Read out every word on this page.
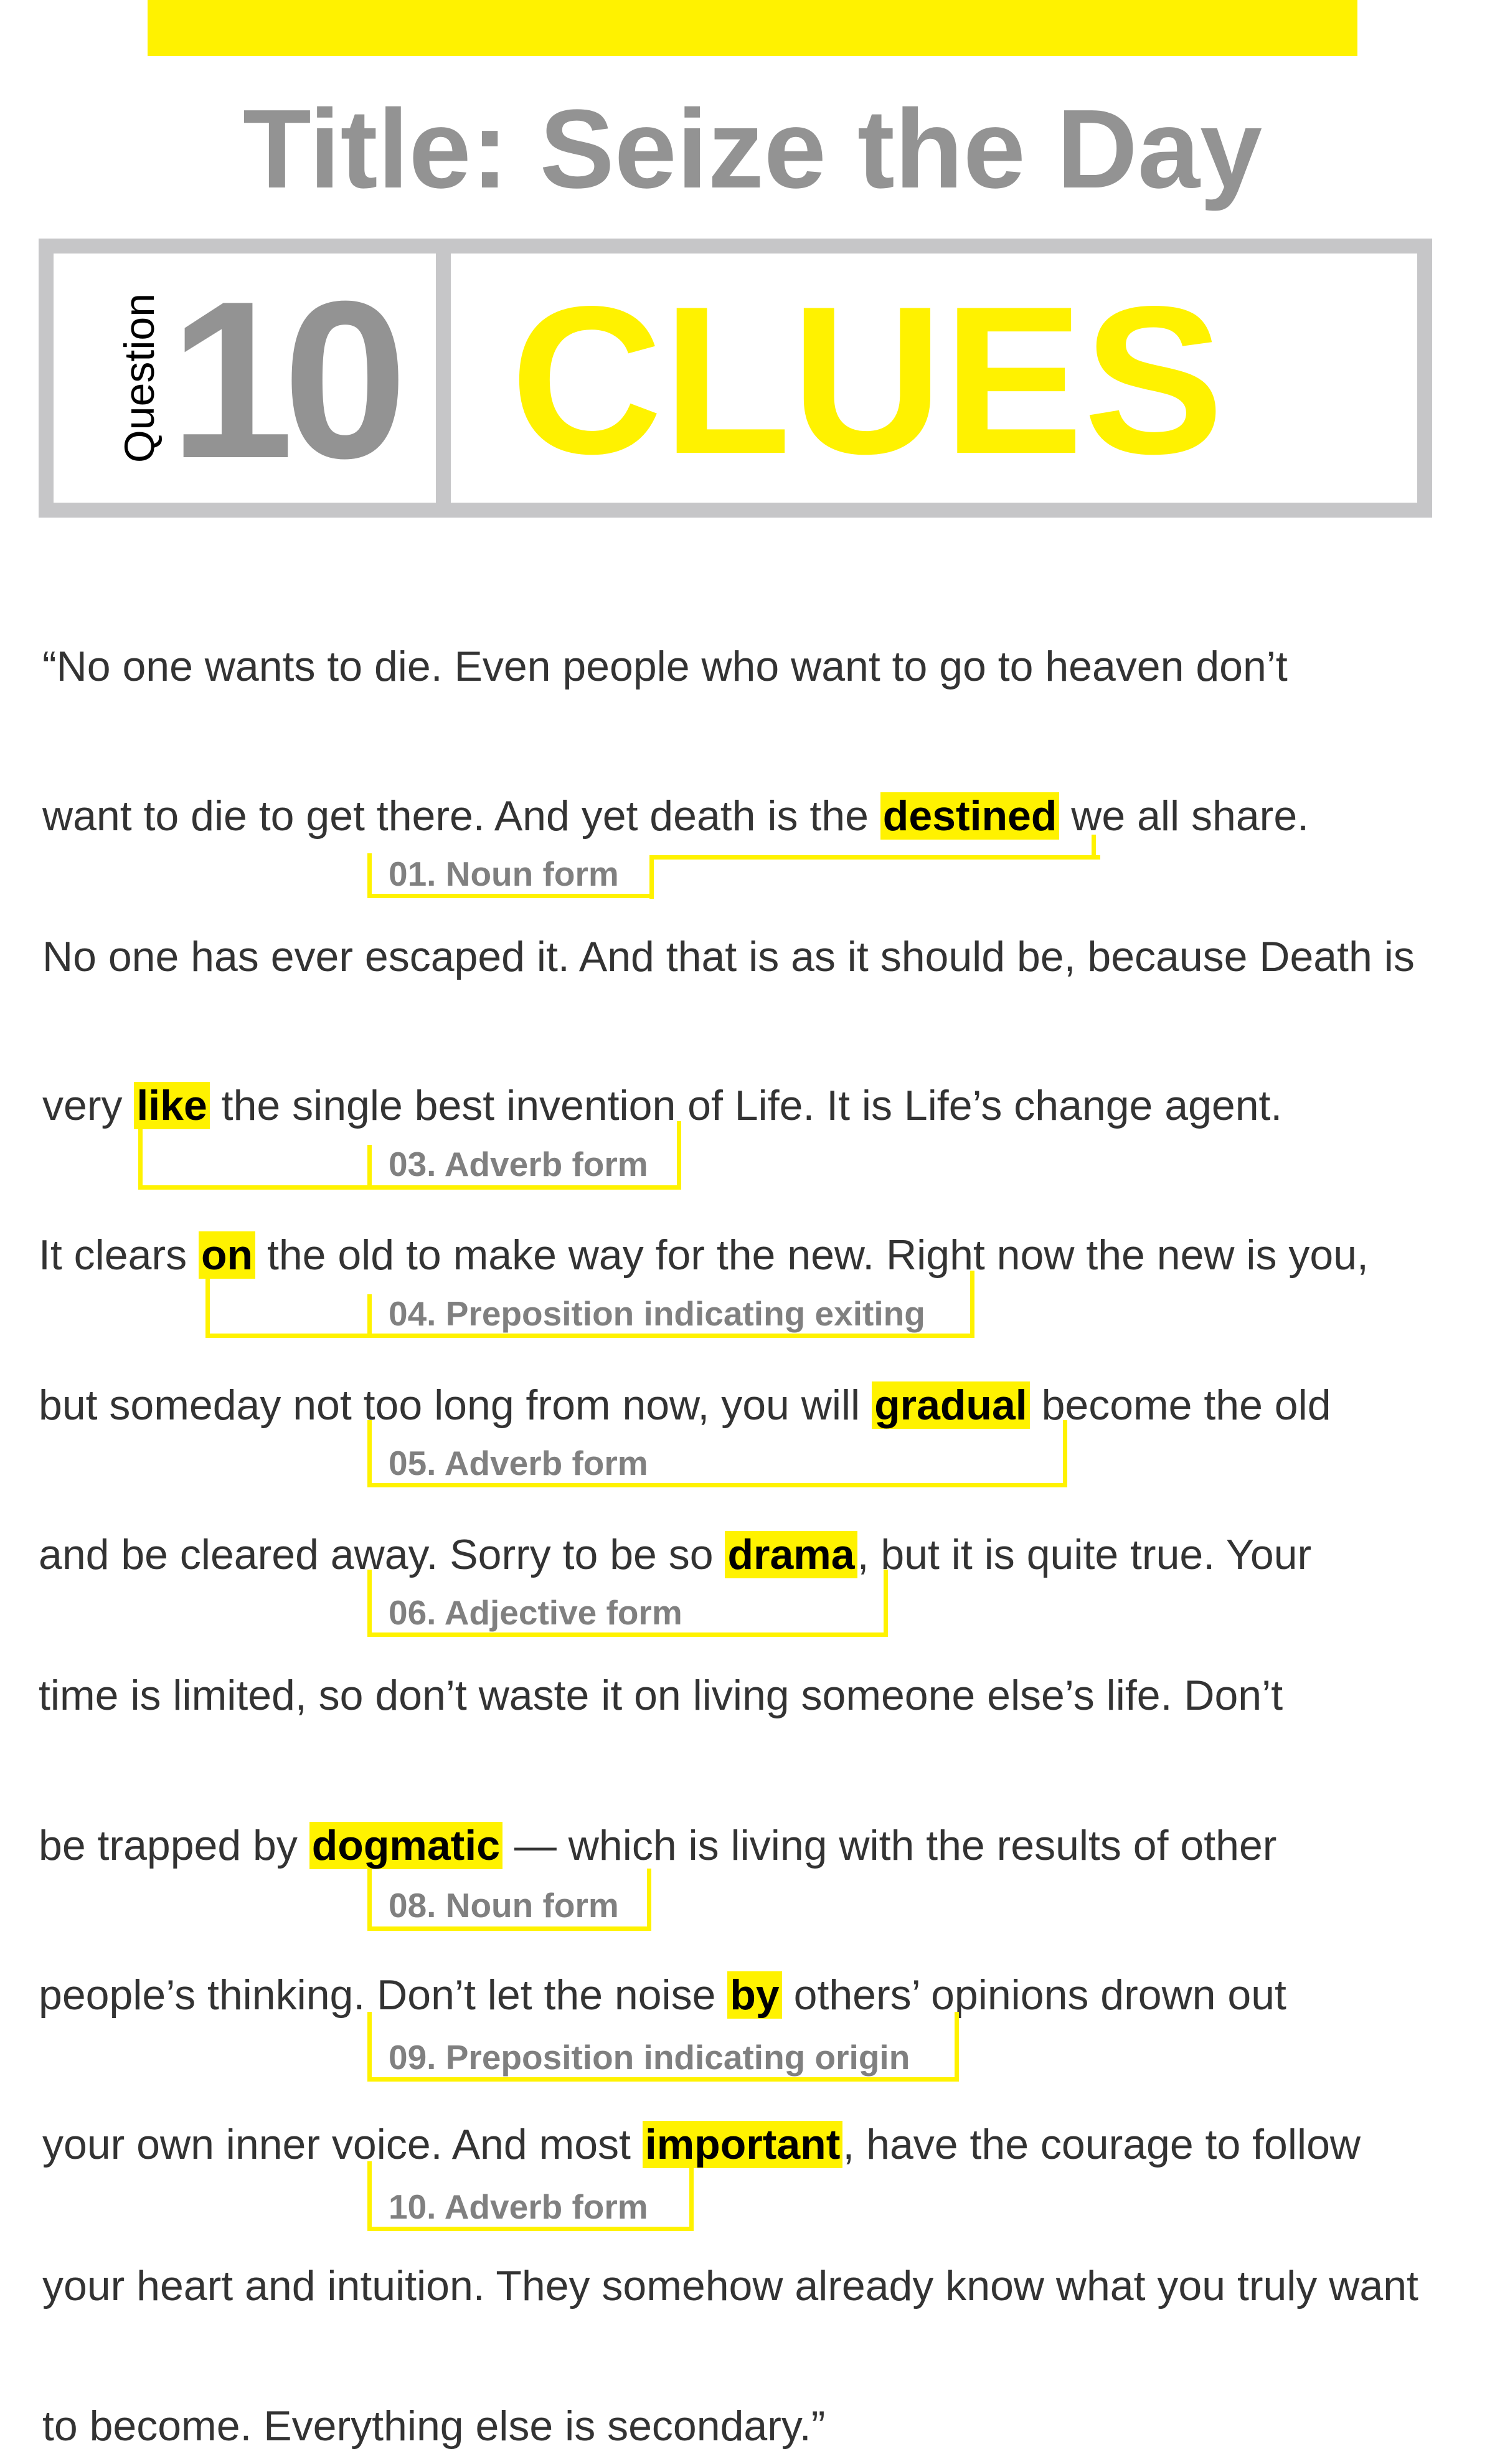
Title: Seize the Day
Question 10 CLUES
“No one wants to die. Even people who want to go to heaven don’t
want to die to get there. And yet death is the destined we all share.
No one has ever escaped it. And that is as it should be, because Death is
very like the single best invention of Life. It is Life’s change agent.
It clears on the old to make way for the new. Right now the new is you,
but someday not too long from now, you will gradual become the old
and be cleared away. Sorry to be so drama, but it is quite true. Your
time is limited, so don’t waste it on living someone else’s life. Don’t
be trapped by dogmatic — which is living with the results of other
people’s thinking. Don’t let the noise by others’ opinions drown out
your own inner voice. And most important, have the courage to follow
your heart and intuition. They somehow already know what you truly want
to become. Everything else is secondary.”
01. Noun form
03. Adverb form
04. Preposition indicating exiting
05. Adverb form
06. Adjective form
08. Noun form
09. Preposition indicating origin
10. Adverb form
